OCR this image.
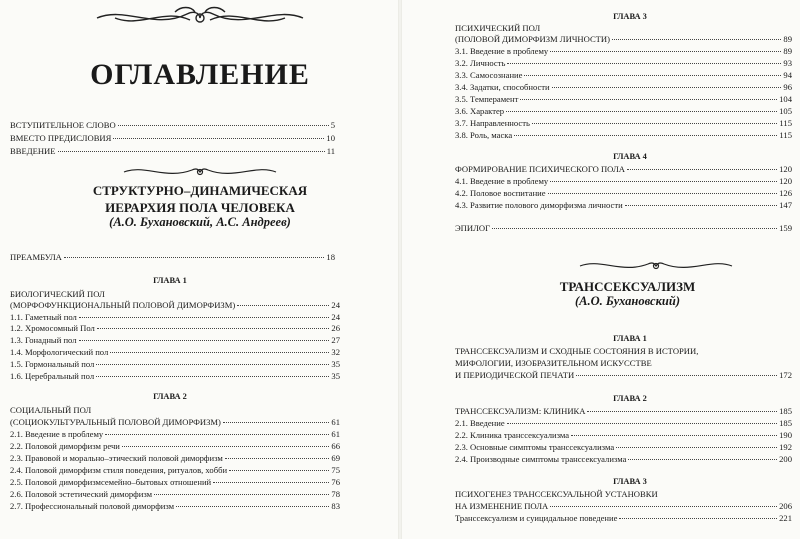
ОГЛАВЛЕНИЕ
ВСТУПИТЕЛЬНОЕ СЛОВО	5
ВМЕСТО ПРЕДИСЛОВИЯ	10
ВВЕДЕНИЕ	11
СТРУКТУРНО–ДИНАМИЧЕСКАЯ
ИЕРАРХИЯ ПОЛА ЧЕЛОВЕКА
(А.О. Бухановский, А.С. Андреев)
ПРЕАМБУЛА	18
ГЛАВА 1
БИОЛОГИЧЕСКИЙ ПОЛ
(МОРФОФУНКЦИОНАЛЬНЫЙ ПОЛОВОЙ ДИМОРФИЗМ)	24
1.1. Гаметный пол	24
1.2. Хромосомный Пол	26
1.3. Гонадный пол	27
1.4. Морфологический пол	32
1.5. Гормональный пол	35
1.6. Церебральный пол	35
ГЛАВА 2
СОЦИАЛЬНЫЙ ПОЛ
(СОЦИОКУЛЬТУРАЛЬНЫЙ ПОЛОВОЙ ДИМОРФИЗМ)	61
2.1. Введение в проблему	61
2.2. Половой диморфизм речи	66
2.3. Правовой и морально–этический половой диморфизм	69
2.4. Половой диморфизм стиля поведения, ритуалов, хобби	75
2.5. Половой диморфизмсемейно–бытовых отношений	76
2.6. Половой эстетический диморфизм	78
2.7. Профессиональный половой диморфизм	83
ГЛАВА 3
ПСИХИЧЕСКИЙ ПОЛ
(ПОЛОВОЙ ДИМОРФИЗМ ЛИЧНОСТИ)	89
3.1. Введение в проблему	89
3.2. Личность	93
3.3. Самосознание	94
3.4. Задатки, способности	96
3.5. Темперамент	104
3.6. Характер	105
3.7. Направленность	115
3.8. Роль, маска	115
ГЛАВА 4
ФОРМИРОВАНИЕ ПСИХИЧЕСКОГО ПОЛА	120
4.1. Введение в проблему	120
4.2. Половое воспитание	126
4.3. Развитие полового диморфизма личности	147
ЭПИЛОГ	159
ТРАНССЕКСУАЛИЗМ
(А.О. Бухановский)
ГЛАВА 1
ТРАНССЕКСУАЛИЗМ И СХОДНЫЕ СОСТОЯНИЯ В ИСТОРИИ,
МИФОЛОГИИ, ИЗОБРАЗИТЕЛЬНОМ ИСКУССТВЕ
И ПЕРИОДИЧЕСКОЙ ПЕЧАТИ	172
ГЛАВА 2
ТРАНССЕКСУАЛИЗМ: КЛИНИКА	185
2.1. Введение	185
2.2. Клиника транссексуализма	190
2.3. Основные симптомы транссексуализма	192
2.4. Производные симптомы транссексуализма	200
ГЛАВА 3
ПСИХОГЕНЕЗ ТРАНССЕКСУАЛЬНОЙ УСТАНОВКИ
НА ИЗМЕНЕНИЕ ПОЛА	206
Транссексуализм и суицидальное поведение	221
